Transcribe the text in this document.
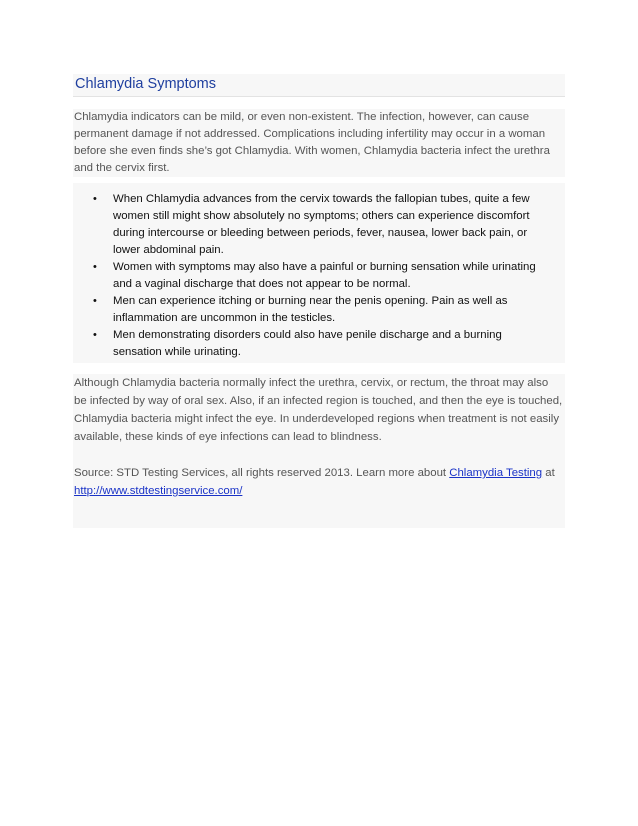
Chlamydia Symptoms
Chlamydia indicators can be mild, or even non-existent. The infection, however, can cause permanent damage if not addressed. Complications including infertility may occur in a woman before she even finds she’s got Chlamydia. With women, Chlamydia bacteria infect the urethra and the cervix first.
• When Chlamydia advances from the cervix towards the fallopian tubes, quite a few women still might show absolutely no symptoms; others can experience discomfort during intercourse or bleeding between periods, fever, nausea, lower back pain, or lower abdominal pain.
• Women with symptoms may also have a painful or burning sensation while urinating and a vaginal discharge that does not appear to be normal.
• Men can experience itching or burning near the penis opening. Pain as well as inflammation are uncommon in the testicles.
• Men demonstrating disorders could also have penile discharge and a burning sensation while urinating.

Although Chlamydia bacteria normally infect the urethra, cervix, or rectum, the throat may also be infected by way of oral sex. Also, if an infected region is touched, and then the eye is touched, Chlamydia bacteria might infect the eye. In underdeveloped regions when treatment is not easily available, these kinds of eye infections can lead to blindness.

Source: STD Testing Services, all rights reserved 2013. Learn more about Chlamydia Testing at http://www.stdtestingservice.com/
